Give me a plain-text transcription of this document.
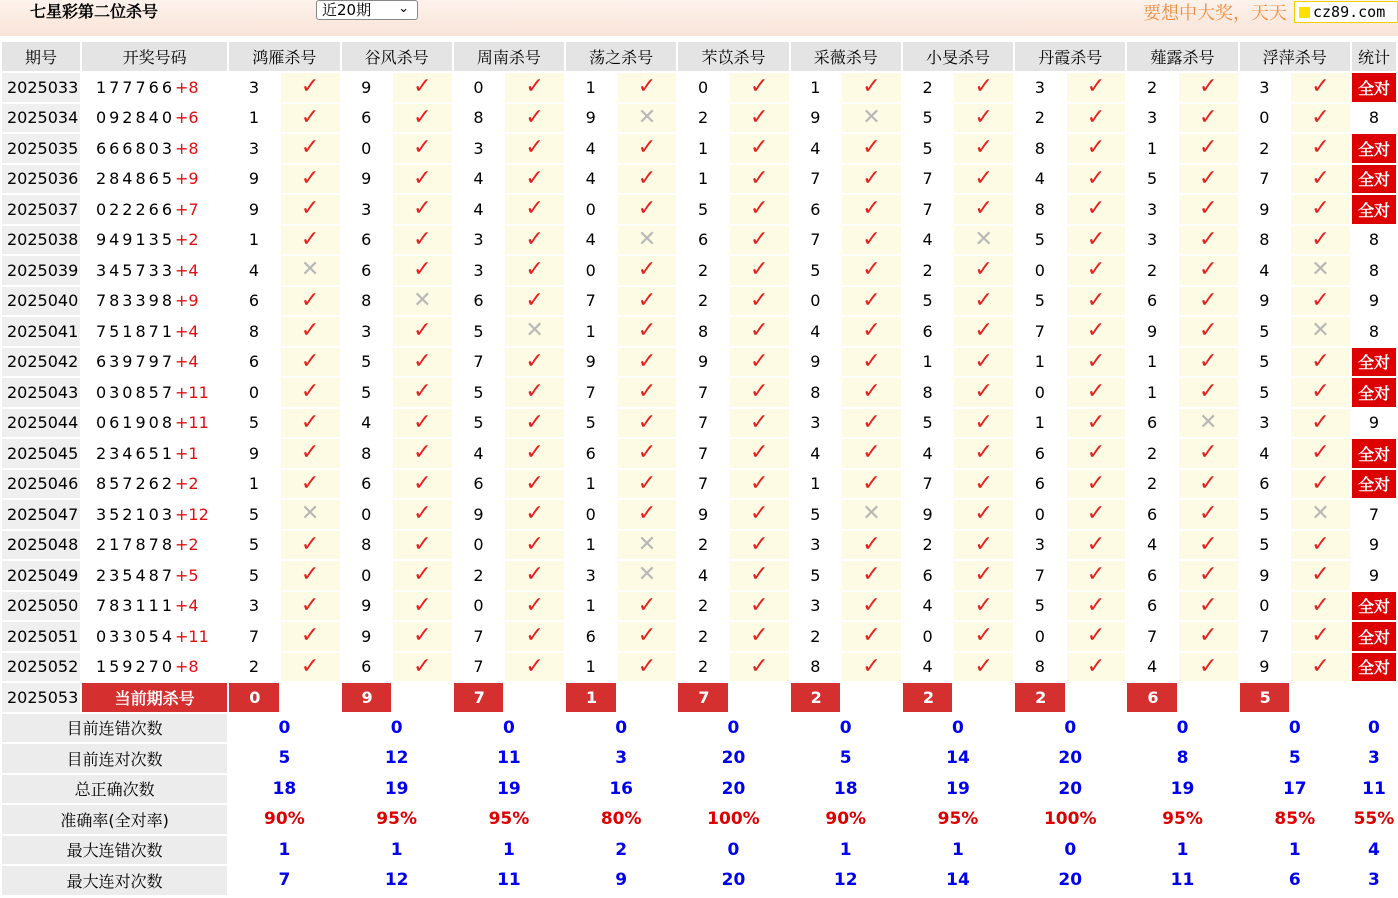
七星彩第二位杀号	近20期 ⌄	要想中大奖，天天	cz89.com
期号	开奖号码	鸿雁杀号		谷风杀号		周南杀号		荡之杀号		芣苡杀号		采薇杀号		小旻杀号		丹霞杀号		薤露杀号		浮萍杀号		统计
2025033	177766+8	3	✓	9	✓	0	✓	1	✓	0	✓	1	✓	2	✓	3	✓	2	✓	3	✓	全对
2025034	092840+6	1	✓	6	✓	8	✓	9	✕	2	✓	9	✕	5	✓	2	✓	3	✓	0	✓	8
2025035	666803+8	3	✓	0	✓	3	✓	4	✓	1	✓	4	✓	5	✓	8	✓	1	✓	2	✓	全对
2025036	284865+9	9	✓	9	✓	4	✓	4	✓	1	✓	7	✓	7	✓	4	✓	5	✓	7	✓	全对
2025037	022266+7	9	✓	3	✓	4	✓	0	✓	5	✓	6	✓	7	✓	8	✓	3	✓	9	✓	全对
2025038	949135+2	1	✓	6	✓	3	✓	4	✕	6	✓	7	✓	4	✕	5	✓	3	✓	8	✓	8
2025039	345733+4	4	✕	6	✓	3	✓	0	✓	2	✓	5	✓	2	✓	0	✓	2	✓	4	✕	8
2025040	783398+9	6	✓	8	✕	6	✓	7	✓	2	✓	0	✓	5	✓	5	✓	6	✓	9	✓	9
2025041	751871+4	8	✓	3	✓	5	✕	1	✓	8	✓	4	✓	6	✓	7	✓	9	✓	5	✕	8
2025042	639797+4	6	✓	5	✓	7	✓	9	✓	9	✓	9	✓	1	✓	1	✓	1	✓	5	✓	全对
2025043	030857+11	0	✓	5	✓	5	✓	7	✓	7	✓	8	✓	8	✓	0	✓	1	✓	5	✓	全对
2025044	061908+11	5	✓	4	✓	5	✓	5	✓	7	✓	3	✓	5	✓	1	✓	6	✕	3	✓	9
2025045	234651+1	9	✓	8	✓	4	✓	6	✓	7	✓	4	✓	4	✓	6	✓	2	✓	4	✓	全对
2025046	857262+2	1	✓	6	✓	6	✓	1	✓	7	✓	1	✓	7	✓	6	✓	2	✓	6	✓	全对
2025047	352103+12	5	✕	0	✓	9	✓	0	✓	9	✓	5	✕	9	✓	0	✓	6	✓	5	✕	7
2025048	217878+2	5	✓	8	✓	0	✓	1	✕	2	✓	3	✓	2	✓	3	✓	4	✓	5	✓	9
2025049	235487+5	5	✓	0	✓	2	✓	3	✕	4	✓	5	✓	6	✓	7	✓	6	✓	9	✓	9
2025050	783111+4	3	✓	9	✓	0	✓	1	✓	2	✓	3	✓	4	✓	5	✓	6	✓	0	✓	全对
2025051	033054+11	7	✓	9	✓	7	✓	6	✓	2	✓	2	✓	0	✓	0	✓	7	✓	7	✓	全对
2025052	159270+8	2	✓	6	✓	7	✓	1	✓	2	✓	8	✓	4	✓	8	✓	4	✓	9	✓	全对
2025053	当前期杀号	0		9		7		1		7		2		2		2		6		5		
目前连错次数		0		0		0		0		0		0		0		0		0		0		0
目前连对次数		5		12		11		3		20		5		14		20		8		5		3
总正确次数		18		19		19		16		20		18		19		20		19		17		11
准确率(全对率)		90%		95%		95%		80%		100%		90%		95%		100%		95%		85%		55%
最大连错次数		1		1		1		2		0		1		1		0		1		1		4
最大连对次数		7		12		11		9		20		12		14		20		11		6		3
